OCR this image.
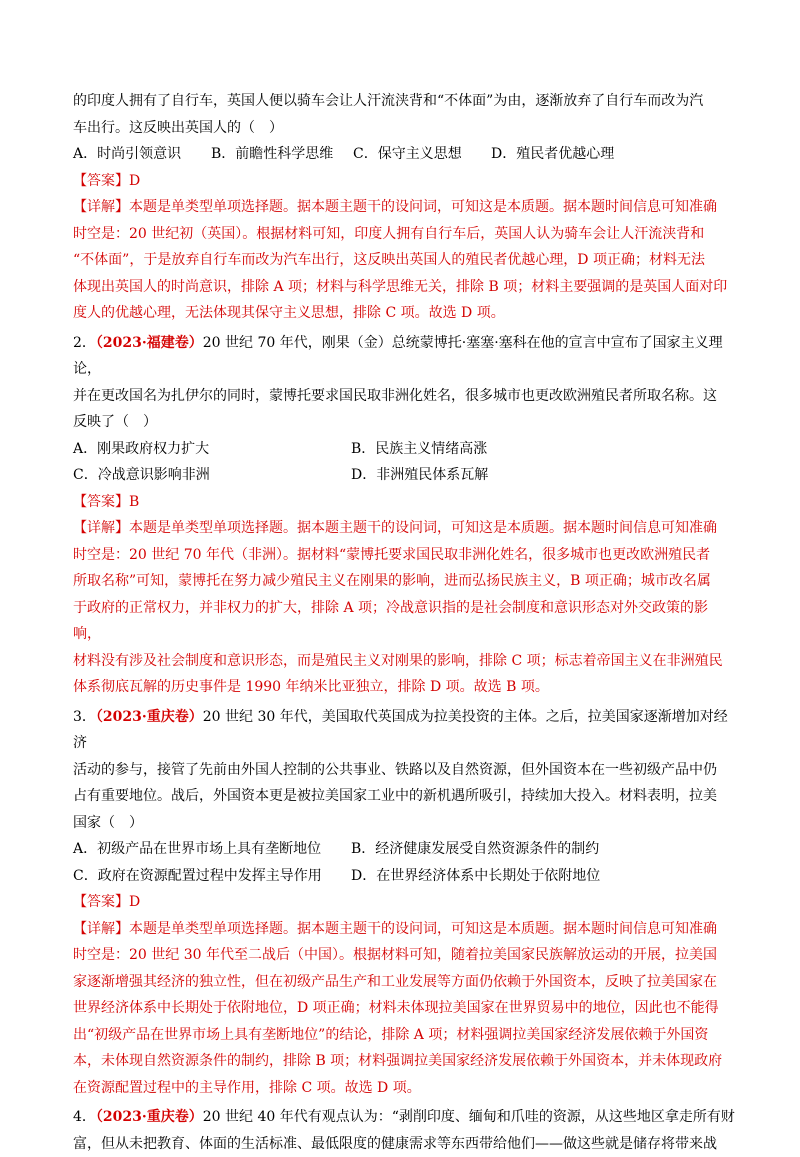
的印度人拥有了自行车，英国人便以骑车会让人汗流浃背和“不体面”为由，逐渐放弃了自行车而改为汽

车出行。这反映出英国人的（　）

A．时尚引领意识	B．前瞻性科学思维	C．保守主义思想	D．殖民者优越心理

【答案】D

【详解】本题是单类型单项选择题。据本题主题干的设问词，可知这是本质题。据本题时间信息可知准确

时空是：20 世纪初（英国）。根据材料可知，印度人拥有自行车后，英国人认为骑车会让人汗流浃背和

“不体面”，于是放弃自行车而改为汽车出行，这反映出英国人的殖民者优越心理，D 项正确；材料无法

体现出英国人的时尚意识，排除 A 项；材料与科学思维无关，排除 B 项；材料主要强调的是英国人面对印

度人的优越心理，无法体现其保守主义思想，排除 C 项。故选 D 项。

2．（2023·福建卷）20 世纪 70 年代，刚果（金）总统蒙博托·塞塞·塞科在他的宣言中宣布了国家主义理论，

并在更改国名为扎伊尔的同时，蒙博托要求国民取非洲化姓名，很多城市也更改欧洲殖民者所取名称。这

反映了（　）

A．刚果政府权力扩大	B．民族主义情绪高涨
C．冷战意识影响非洲	D．非洲殖民体系瓦解

【答案】B

【详解】本题是单类型单项选择题。据本题主题干的设问词，可知这是本质题。据本题时间信息可知准确

时空是：20 世纪 70 年代（非洲）。据材料“蒙博托要求国民取非洲化姓名，很多城市也更改欧洲殖民者

所取名称”可知，蒙博托在努力减少殖民主义在刚果的影响，进而弘扬民族主义，B 项正确；城市改名属

于政府的正常权力，并非权力的扩大，排除 A 项；冷战意识指的是社会制度和意识形态对外交政策的影响，

材料没有涉及社会制度和意识形态，而是殖民主义对刚果的影响，排除 C 项；标志着帝国主义在非洲殖民

体系彻底瓦解的历史事件是 1990 年纳米比亚独立，排除 D 项。故选 B 项。

3．（2023·重庆卷）20 世纪 30 年代，美国取代英国成为拉美投资的主体。之后，拉美国家逐渐增加对经济

活动的参与，接管了先前由外国人控制的公共事业、铁路以及自然资源，但外国资本在一些初级产品中仍

占有重要地位。战后，外国资本更是被拉美国家工业中的新机遇所吸引，持续加大投入。材料表明，拉美

国家（　）

A．初级产品在世界市场上具有垄断地位	B．经济健康发展受自然资源条件的制约
C．政府在资源配置过程中发挥主导作用	D．在世界经济体系中长期处于依附地位

【答案】D

【详解】本题是单类型单项选择题。据本题主题干的设问词，可知这是本质题。据本题时间信息可知准确

时空是：20 世纪 30 年代至二战后（中国）。根据材料可知，随着拉美国家民族解放运动的开展，拉美国

家逐渐增强其经济的独立性，但在初级产品生产和工业发展等方面仍依赖于外国资本，反映了拉美国家在

世界经济体系中长期处于依附地位，D 项正确；材料未体现拉美国家在世界贸易中的地位，因此也不能得

出“初级产品在世界市场上具有垄断地位”的结论，排除 A 项；材料强调拉美国家经济发展依赖于外国资

本，未体现自然资源条件的制约，排除 B 项；材料强调拉美国家经济发展依赖于外国资本，并未体现政府

在资源配置过程中的主导作用，排除 C 项。故选 D 项。

4．（2023·重庆卷）20 世纪 40 年代有观点认为：“剥削印度、缅甸和爪哇的资源，从这些地区拿走所有财

富，但从未把教育、体面的生活标准、最低限度的健康需求等东西带给他们——做这些就是储存将带来战
